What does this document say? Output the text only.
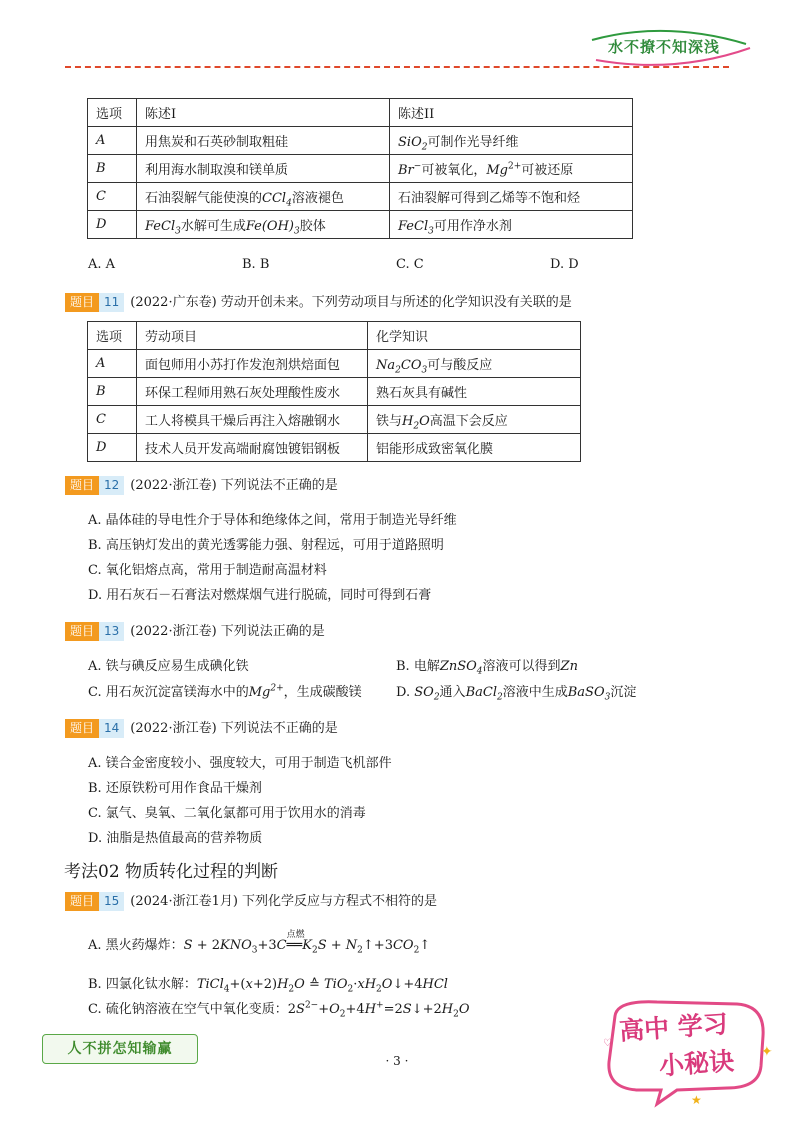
水不撩不知深浅
选项	陈述I	陈述II
A	用焦炭和石英砂制取粗硅	SiO$_2$可制作光导纤维
B	利用海水制取溴和镁单质	Br−可被氧化，$Mg^{2+}$可被还原
C	石油裂解气能使溴的CCl$_4$溶液褪色	石油裂解可得到乙烯等不饱和烃
D	FeCl$_3$水解可生成$Fe(OH)_3$胶体	FeCl$_3$可用作净水剂
A. A	B. B	C. C	D. D
题目 11 (2022·广东卷) 劳动开创未来。下列劳动项目与所述的化学知识没有关联的是
选项	劳动项目	化学知识
A	面包师用小苏打作发泡剂烘焙面包	$Na_2CO_3$可与酸反应
B	环保工程师用熟石灰处理酸性废水	熟石灰具有碱性
C	工人将模具干燥后再注入熔融钢水	铁与$H_2O$高温下会反应
D	技术人员开发高端耐腐蚀镀铝钢板	铝能形成致密氧化膜
题目 12 (2022·浙江卷) 下列说法不正确的是
A. 晶体硅的导电性介于导体和绝缘体之间，常用于制造光导纤维
B. 高压钠灯发出的黄光透雾能力强、射程远，可用于道路照明
C. 氧化铝熔点高，常用于制造耐高温材料
D. 用石灰石－石膏法对燃煤烟气进行脱硫，同时可得到石膏
题目 13 (2022·浙江卷) 下列说法正确的是
A. 铁与碘反应易生成碘化铁	B. 电解ZnSO$_4$溶液可以得到Zn
C. 用石灰沉淀富镁海水中的$Mg^{2+}$，生成碳酸镁	D. $SO_2$通入BaCl$_2$溶液中生成BaSO$_3$沉淀
题目 14 (2022·浙江卷) 下列说法不正确的是
A. 镁合金密度较小、强度较大，可用于制造飞机部件
B. 还原铁粉可用作食品干燥剂
C. 氯气、臭氧、二氧化氯都可用于饮用水的消毒
D. 油脂是热值最高的营养物质
考法02 物质转化过程的判断
题目 15 (2024·浙江卷1月) 下列化学反应与方程式不相符的是
A. 黑火药爆炸：$S + 2KNO_3+3C$
点燃
$══K_2S$ + $N_2↑+3CO_2↑$
B. 四氯化钛水解：$TiCl_4+(x+2)H_2O$ ≙ $TiO_2\cdot xH_2O↓+4HCl$
C. 硫化钠溶液在空气中氧化变质：$2S^{2-}+O_2+4H^+=2S↓+2H_2O$
人不拼怎知输赢
· 3 ·
♡
✦
★
高中 学习
小秘诀
